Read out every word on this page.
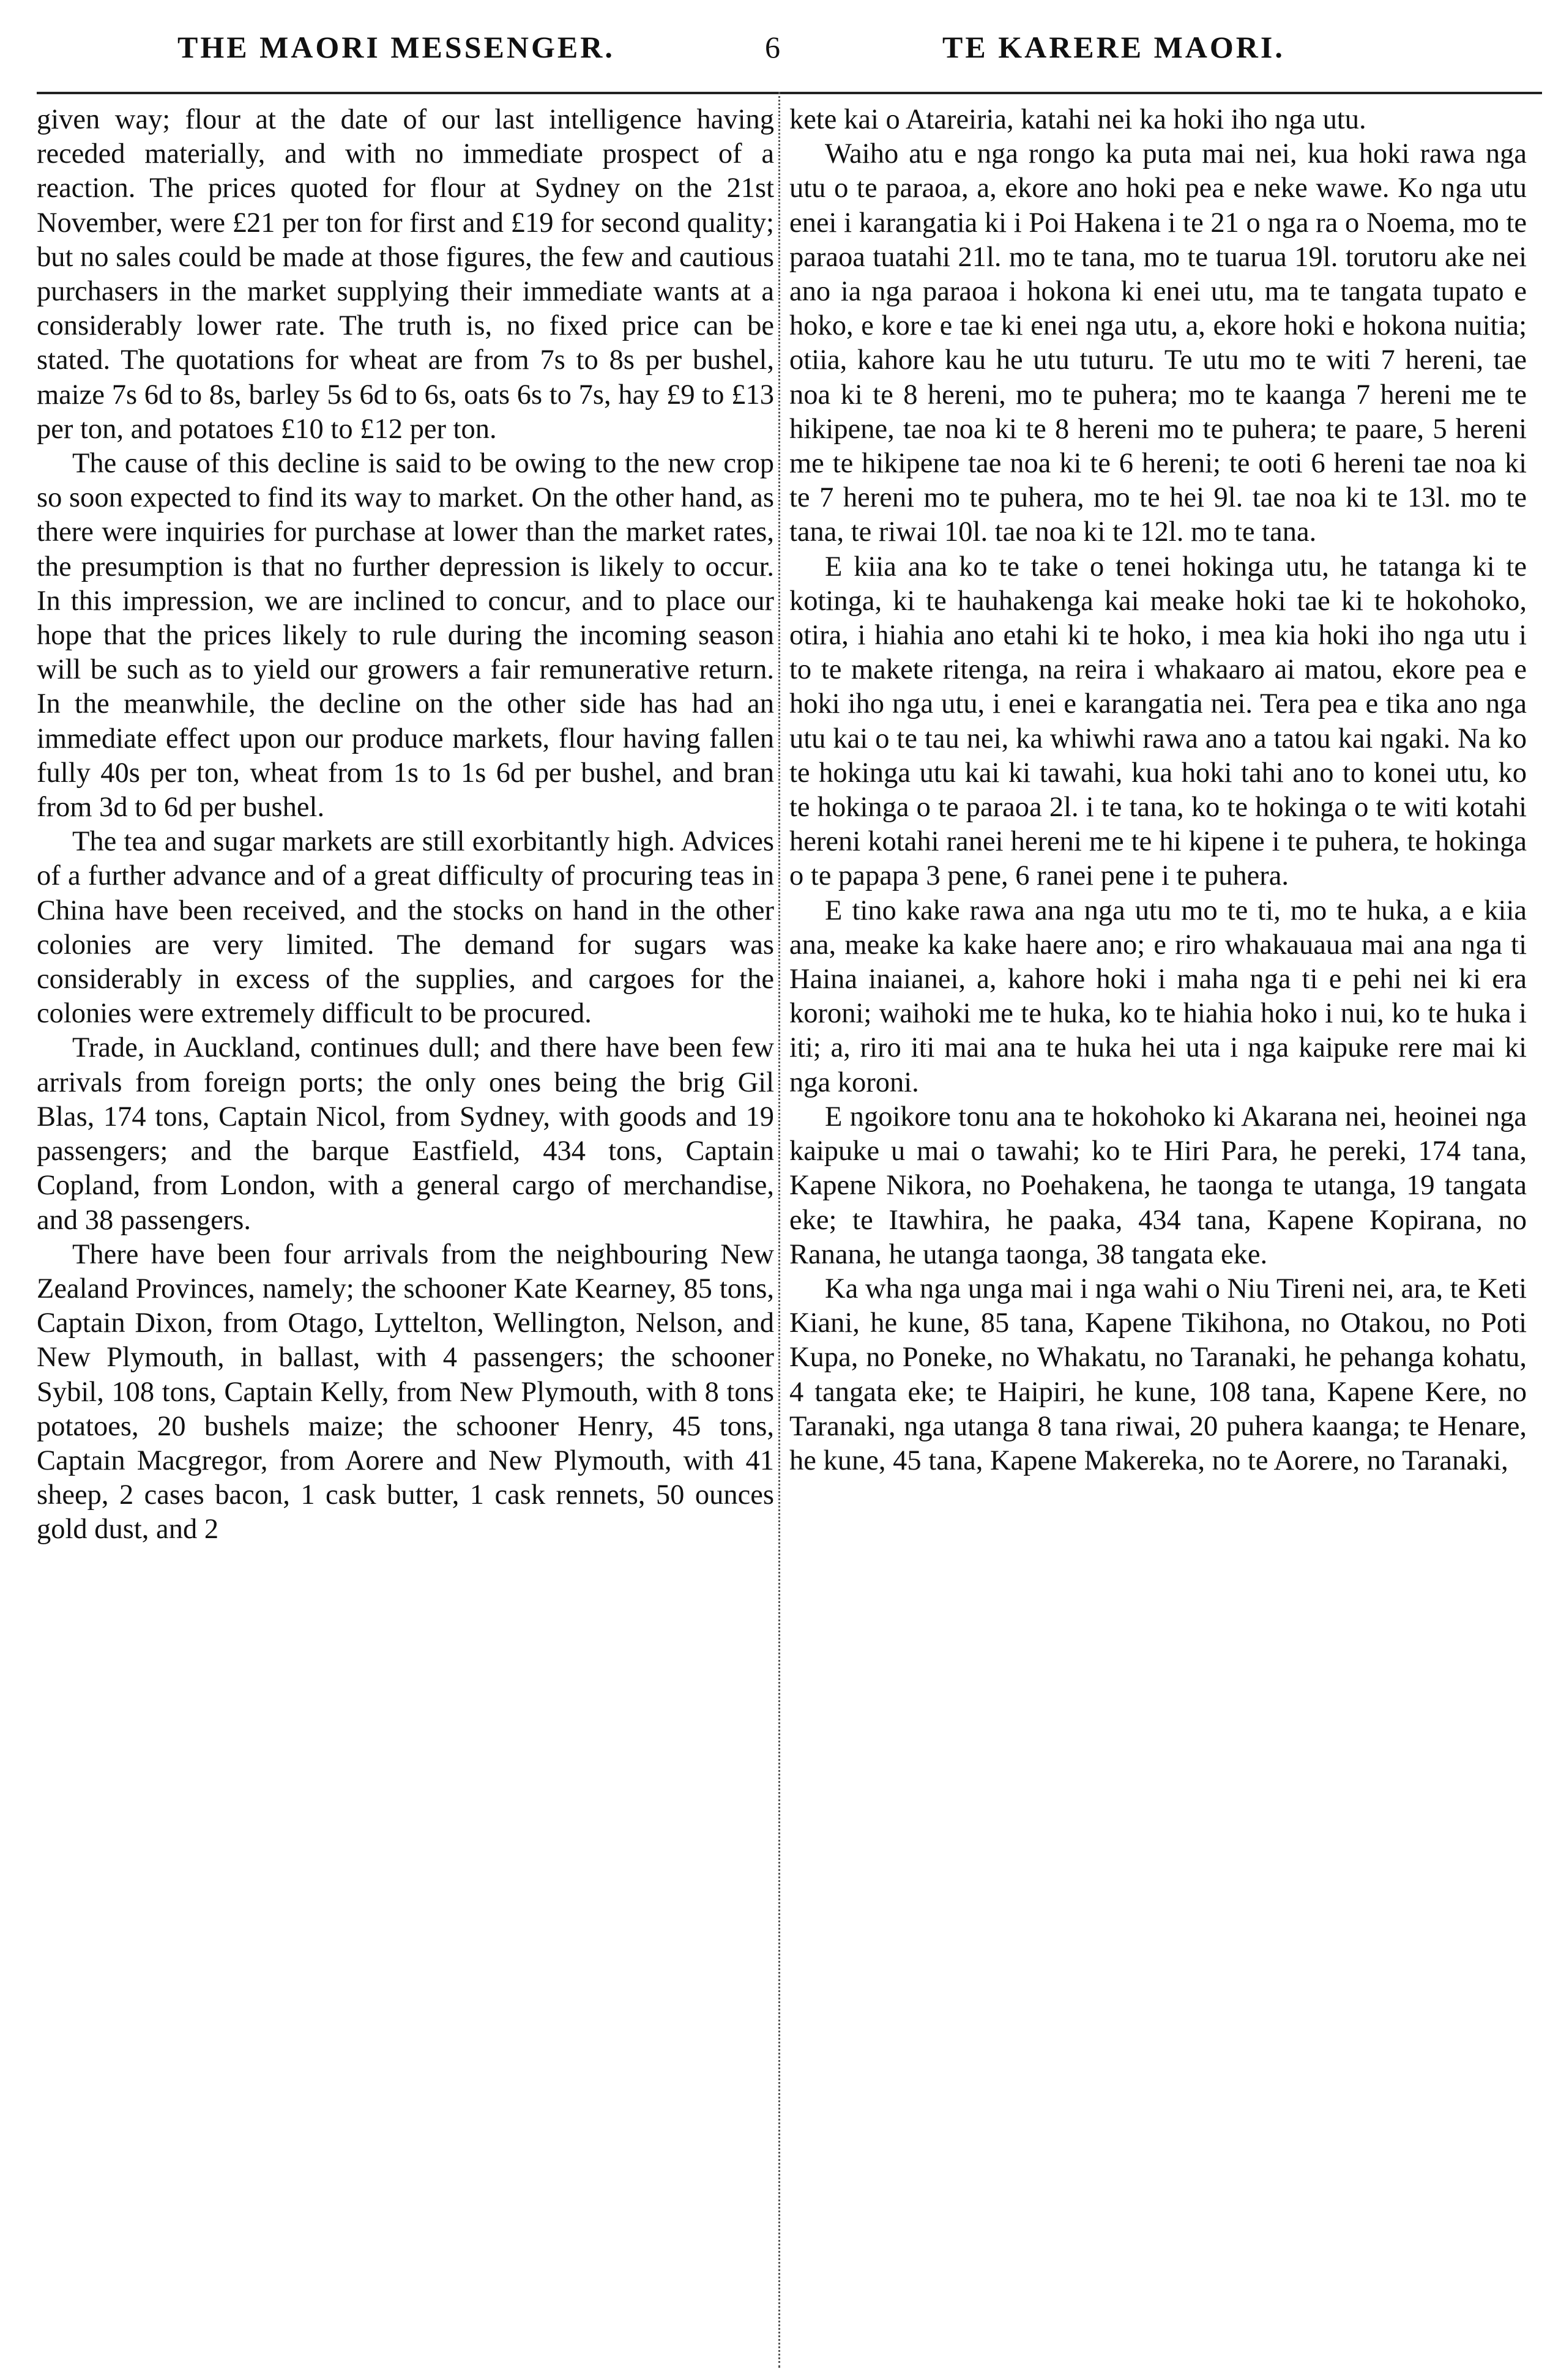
THE MAORI MESSENGER.	6	TE KARERE MAORI.

given way; flour at the date of our last intelligence having receded materially, and with no immediate prospect of a reaction. The prices quoted for flour at Sydney on the 21st November, were £21 per ton for first and £19 for second quality; but no sales could be made at those figures, the few and cautious purchasers in the market supplying their immediate wants at a considerably lower rate. The truth is, no fixed price can be stated. The quotations for wheat are from 7s to 8s per bushel, maize 7s 6d to 8s, barley 5s 6d to 6s, oats 6s to 7s, hay £9 to £13 per ton, and potatoes £10 to £12 per ton.

The cause of this decline is said to be owing to the new crop so soon expected to find its way to market. On the other hand, as there were inquiries for purchase at lower than the market rates, the presumption is that no further depression is likely to occur. In this impression, we are inclined to concur, and to place our hope that the prices likely to rule during the incoming season will be such as to yield our growers a fair remunerative return. In the meanwhile, the decline on the other side has had an immediate effect upon our produce markets, flour having fallen fully 40s per ton, wheat from 1s to 1s 6d per bushel, and bran from 3d to 6d per bushel.

The tea and sugar markets are still exorbitantly high. Advices of a further advance and of a great difficulty of procuring teas in China have been received, and the stocks on hand in the other colonies are very limited. The demand for sugars was considerably in excess of the supplies, and cargoes for the colonies were extremely difficult to be procured.

Trade, in Auckland, continues dull; and there have been few arrivals from foreign ports; the only ones being the brig Gil Blas, 174 tons, Captain Nicol, from Sydney, with goods and 19 passengers; and the barque Eastfield, 434 tons, Captain Copland, from London, with a general cargo of merchandise, and 38 passengers.

There have been four arrivals from the neighbouring New Zealand Provinces, namely; the schooner Kate Kearney, 85 tons, Captain Dixon, from Otago, Lyttelton, Wellington, Nelson, and New Plymouth, in ballast, with 4 passengers; the schooner Sybil, 108 tons, Captain Kelly, from New Plymouth, with 8 tons potatoes, 20 bushels maize; the schooner Henry, 45 tons, Captain Macgregor, from Aorere and New Plymouth, with 41 sheep, 2 cases bacon, 1 cask butter, 1 cask rennets, 50 ounces gold dust, and 2

kete kai o Atareiria, katahi nei ka hoki iho nga utu.

Waiho atu e nga rongo ka puta mai nei, kua hoki rawa nga utu o te paraoa, a, ekore ano hoki pea e neke wawe. Ko nga utu enei i karangatia ki i Poi Hakena i te 21 o nga ra o Noema, mo te paraoa tuatahi 21l. mo te tana, mo te tuarua 19l. torutoru ake nei ano ia nga paraoa i hokona ki enei utu, ma te tangata tupato e hoko, e kore e tae ki enei nga utu, a, ekore hoki e hokona nuitia; otiia, kahore kau he utu tuturu. Te utu mo te witi 7 hereni, tae noa ki te 8 hereni, mo te puhera; mo te kaanga 7 hereni me te hikipene, tae noa ki te 8 hereni mo te puhera; te paare, 5 hereni me te hikipene tae noa ki te 6 hereni; te ooti 6 hereni tae noa ki te 7 hereni mo te puhera, mo te hei 9l. tae noa ki te 13l. mo te tana, te riwai 10l. tae noa ki te 12l. mo te tana.

E kiia ana ko te take o tenei hokinga utu, he tatanga ki te kotinga, ki te hauhakenga kai meake hoki tae ki te hokohoko, otira, i hiahia ano etahi ki te hoko, i mea kia hoki iho nga utu i to te makete ritenga, na reira i whakaaro ai matou, ekore pea e hoki iho nga utu, i enei e karangatia nei. Tera pea e tika ano nga utu kai o te tau nei, ka whiwhi rawa ano a tatou kai ngaki. Na ko te hokinga utu kai ki tawahi, kua hoki tahi ano to konei utu, ko te hokinga o te paraoa 2l. i te tana, ko te hokinga o te witi kotahi hereni kotahi ranei hereni me te hi kipene i te puhera, te hokinga o te papapa 3 pene, 6 ranei pene i te puhera.

E tino kake rawa ana nga utu mo te ti, mo te huka, a e kiia ana, meake ka kake haere ano; e riro whakauaua mai ana nga ti Haina inaianei, a, kahore hoki i maha nga ti e pehi nei ki era koroni; waihoki me te huka, ko te hiahia hoko i nui, ko te huka i iti; a, riro iti mai ana te huka hei uta i nga kaipuke rere mai ki nga koroni.

E ngoikore tonu ana te hokohoko ki Akarana nei, heoinei nga kaipuke u mai o tawahi; ko te Hiri Para, he pereki, 174 tana, Kapene Nikora, no Poehakena, he taonga te utanga, 19 tangata eke; te Itawhira, he paaka, 434 tana, Kapene Kopirana, no Ranana, he utanga taonga, 38 tangata eke.

Ka wha nga unga mai i nga wahi o Niu Tireni nei, ara, te Keti Kiani, he kune, 85 tana, Kapene Tikihona, no Otakou, no Poti Kupa, no Poneke, no Whakatu, no Taranaki, he pehanga kohatu, 4 tangata eke; te Haipiri, he kune, 108 tana, Kapene Kere, no Taranaki, nga utanga 8 tana riwai, 20 puhera kaanga; te Henare, he kune, 45 tana, Kapene Makereka, no te Aorere, no Taranaki,
